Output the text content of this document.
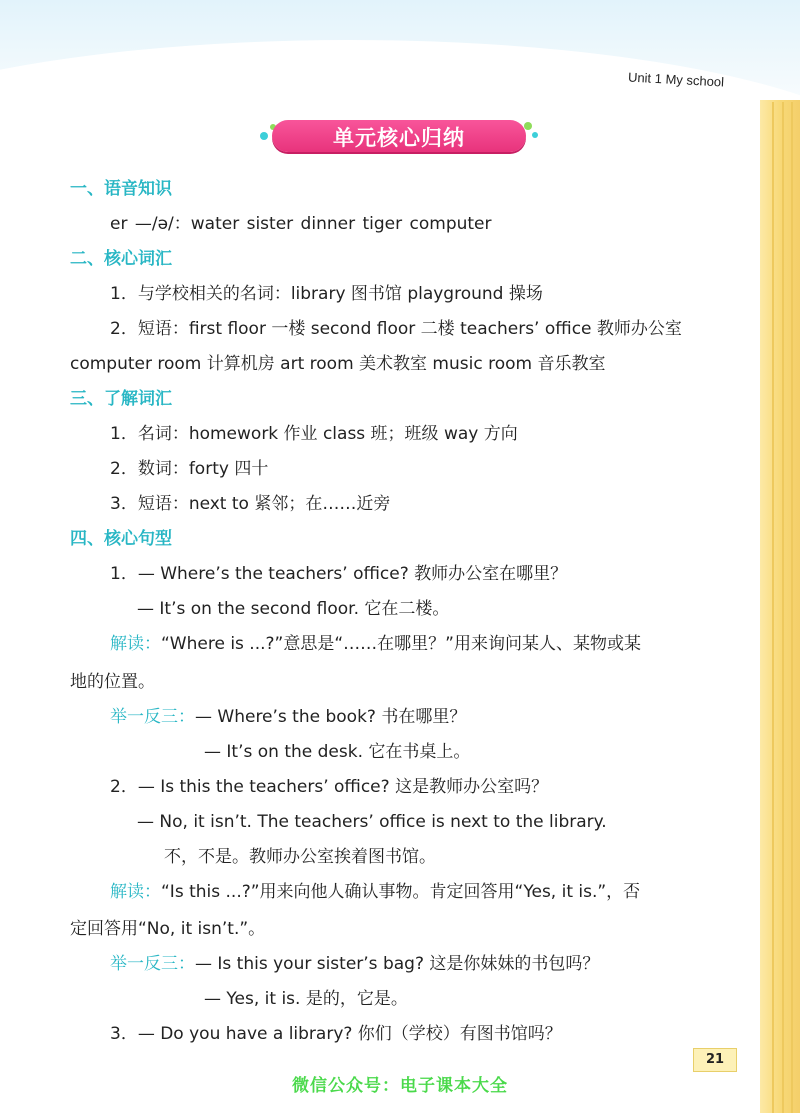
Unit 1 My school
单元核心归纳
一、语音知识
er —/ə/：water sister dinner tiger computer
二、核心词汇
1．与学校相关的名词：library 图书馆 playground 操场
2．短语：first floor 一楼 second floor 二楼 teachers’ office 教师办公室
computer room 计算机房 art room 美术教室 music room 音乐教室
三、了解词汇
1．名词：homework 作业 class 班；班级 way 方向
2．数词：forty 四十
3．短语：next to 紧邻；在……近旁
四、核心句型
1．— Where’s the teachers’ office? 教师办公室在哪里？
— It’s on the second floor. 它在二楼。
解读：“Where is ...?”意思是“……在哪里？”用来询问某人、某物或某
地的位置。
举一反三：— Where’s the book? 书在哪里？
— It’s on the desk. 它在书桌上。
2．— Is this the teachers’ office? 这是教师办公室吗？
— No, it isn’t. The teachers’ office is next to the library.
不，不是。教师办公室挨着图书馆。
解读：“Is this ...?”用来向他人确认事物。肯定回答用“Yes, it is.”，否
定回答用“No, it isn’t.”。
举一反三：— Is this your sister’s bag? 这是你妹妹的书包吗？
— Yes, it is. 是的，它是。
3．— Do you have a library? 你们（学校）有图书馆吗？
21
微信公众号：电子课本大全
